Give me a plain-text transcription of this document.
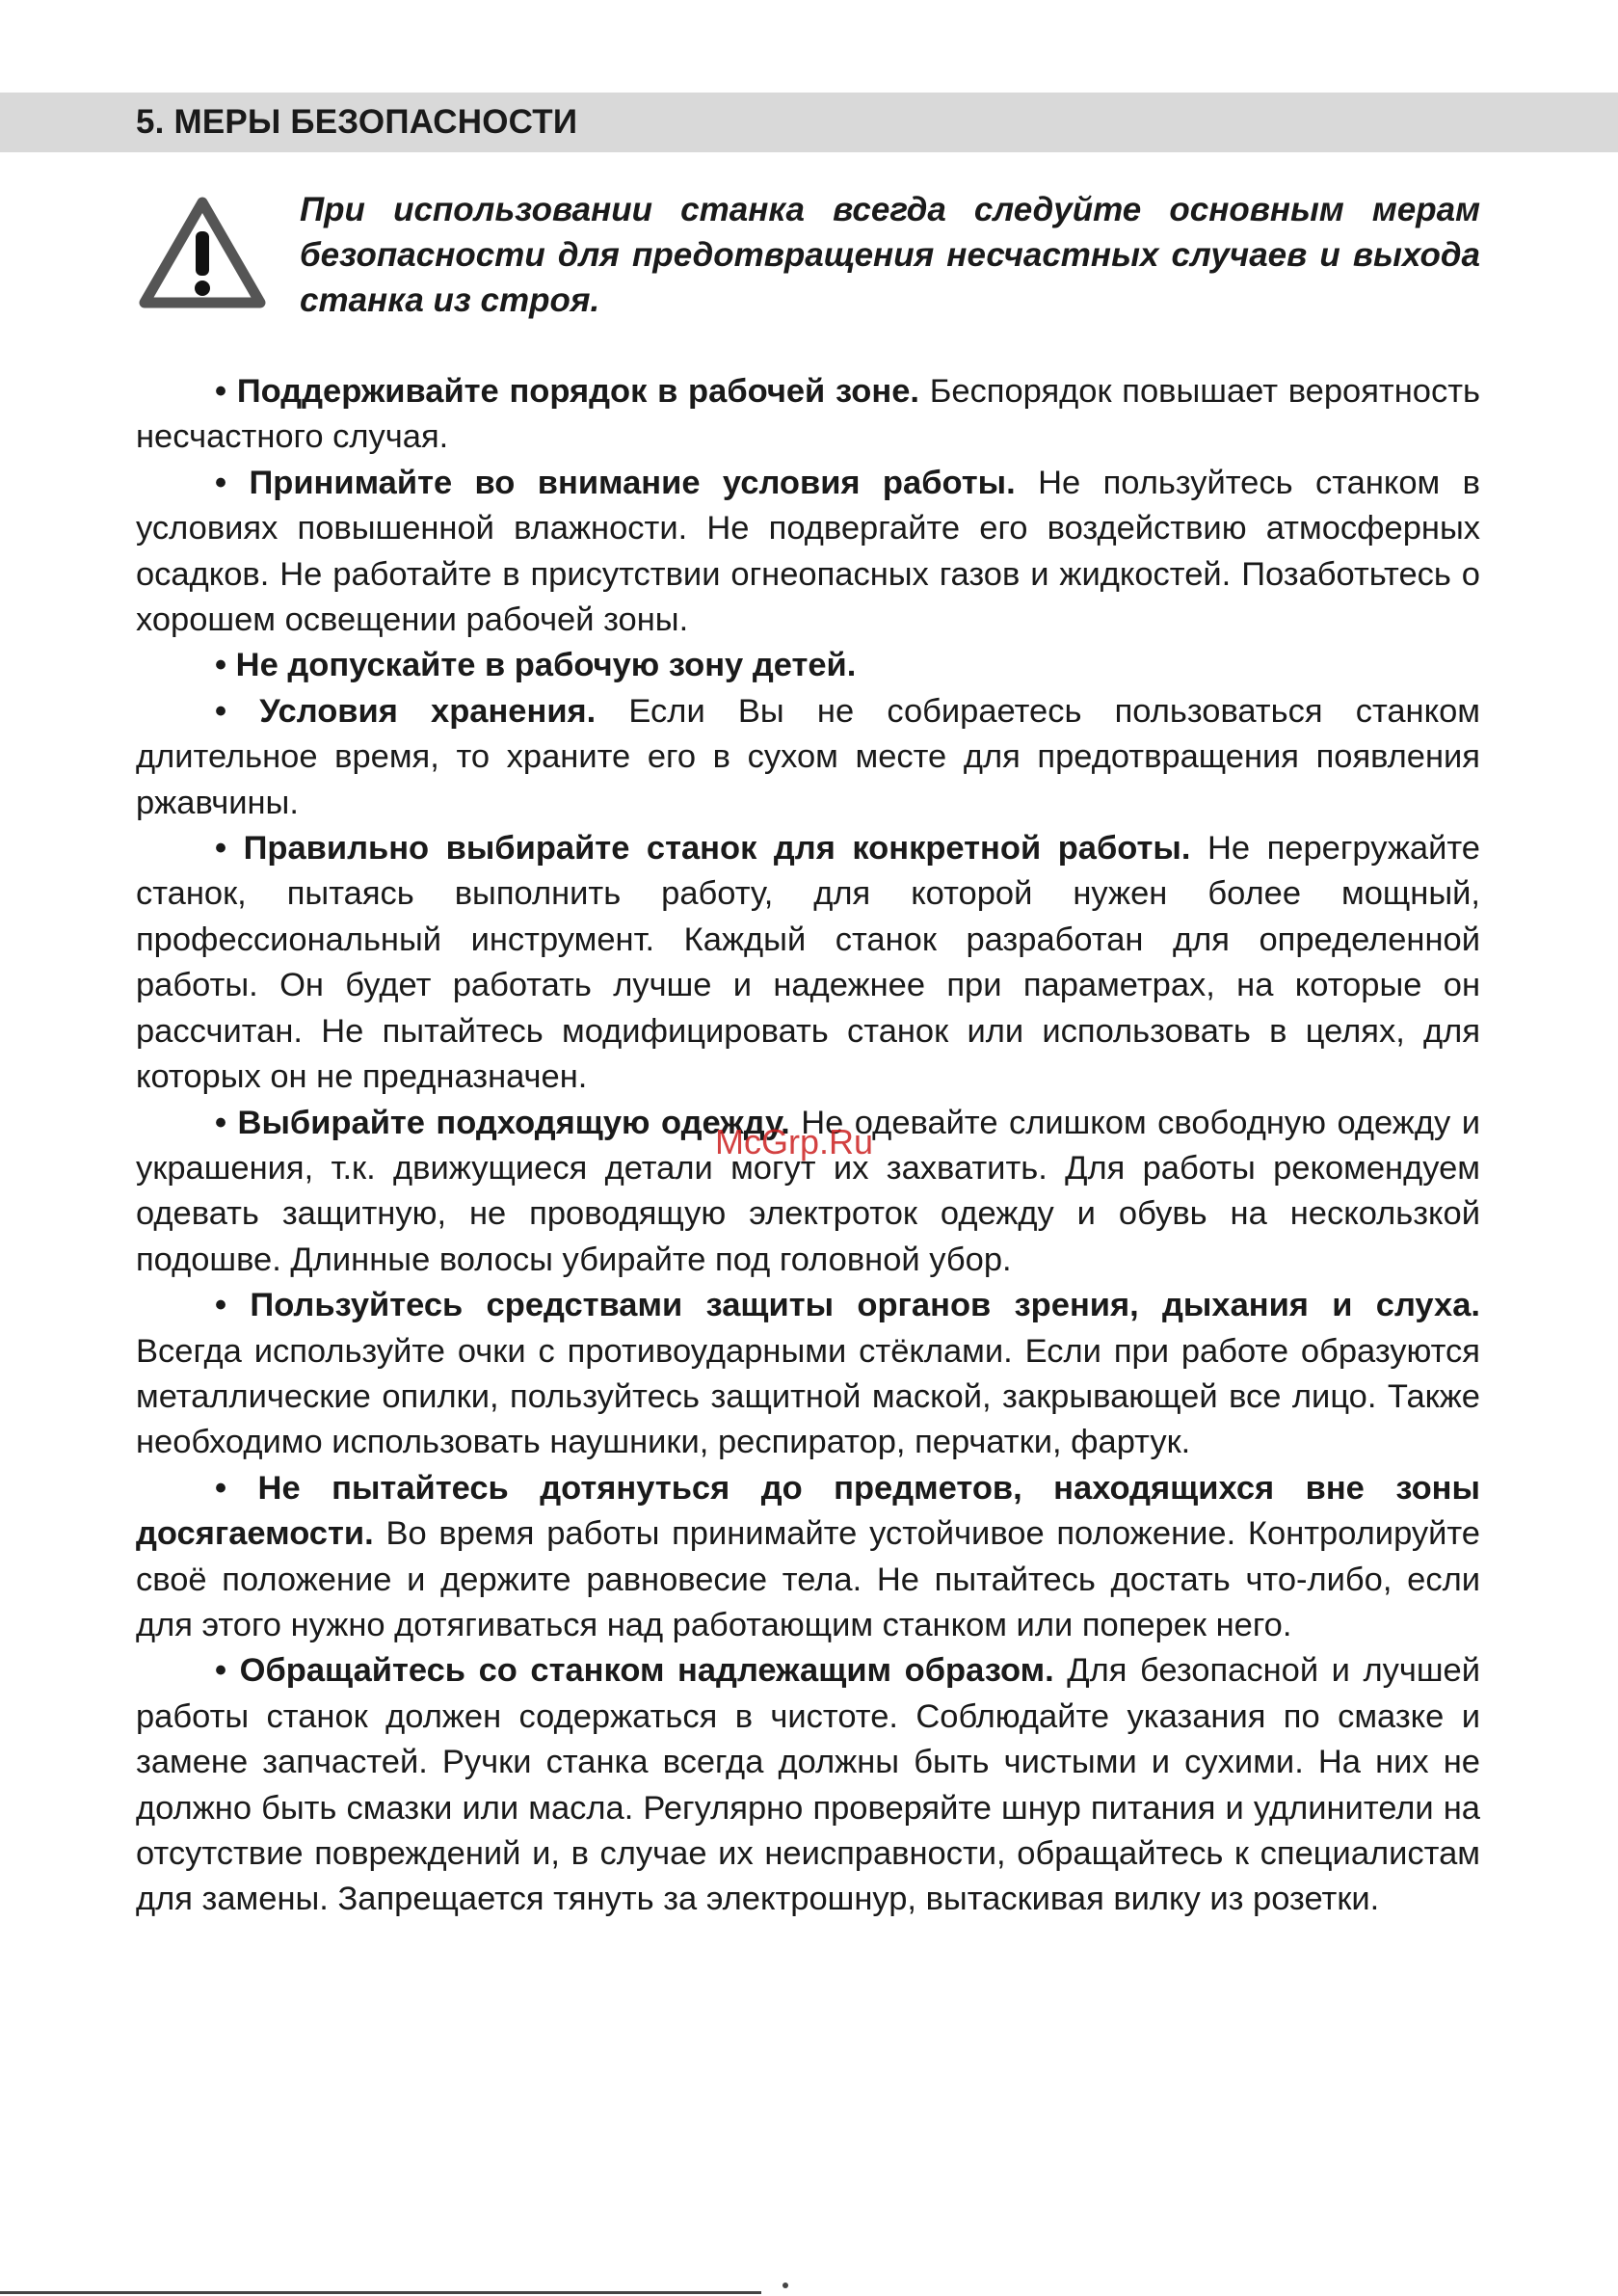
5. МЕРЫ БЕЗОПАСНОСТИ
При использовании станка всегда следуйте основным мерам безопасности для предотвращения несчастных случаев и выхода станка из строя.

• Поддерживайте порядок в рабочей зоне. Беспорядок повышает вероятность несчастного случая.

• Принимайте во внимание условия работы. Не пользуйтесь станком в условиях повышенной влажности. Не подвергайте его воздействию атмосферных осадков. Не работайте в присутствии огнеопасных газов и жидкостей. Позаботьтесь о хорошем освещении рабочей зоны.

• Не допускайте в рабочую зону детей.

• Условия хранения. Если Вы не собираетесь пользоваться станком длительное время, то храните его в сухом месте для предотвращения появления ржавчины.

• Правильно выбирайте станок для конкретной работы. Не перегружайте станок, пытаясь выполнить работу, для которой нужен более мощный, профессиональный инструмент. Каждый станок разработан для определенной работы. Он будет работать лучше и надежнее при параметрах, на которые он рассчитан. Не пытайтесь модифицировать станок или использовать в целях, для которых он не предназначен.

• Выбирайте подходящую одежду. Не одевайте слишком свободную одежду и украшения, т.к. движущиеся детали могут их захватить. Для работы рекомендуем одевать защитную, не проводящую электроток одежду и обувь на нескользкой подошве. Длинные волосы убирайте под головной убор.

• Пользуйтесь средствами защиты органов зрения, дыхания и слуха. Всегда используйте очки с противоударными стёклами. Если при работе образуются металлические опилки, пользуйтесь защитной маской, закрывающей все лицо. Также необходимо использовать наушники, респиратор, перчатки, фартук.

• Не пытайтесь дотянуться до предметов, находящихся вне зоны досягаемости. Во время работы принимайте устойчивое положение. Контролируйте своё положение и держите равновесие тела. Не пытайтесь достать что-либо, если для этого нужно дотягиваться над работающим станком или поперек него.

• Обращайтесь со станком надлежащим образом. Для безопасной и лучшей работы станок должен содержаться в чистоте. Соблюдайте указания по смазке и замене запчастей. Ручки станка всегда должны быть чистыми и сухими. На них не должно быть смазки или масла. Регулярно проверяйте шнур питания и удлинители на отсутствие повреждений и, в случае их неисправности, обращайтесь к специалистам для замены. Запрещается тянуть за электрошнур, вытаскивая вилку из розетки.

McGrp.Ru
